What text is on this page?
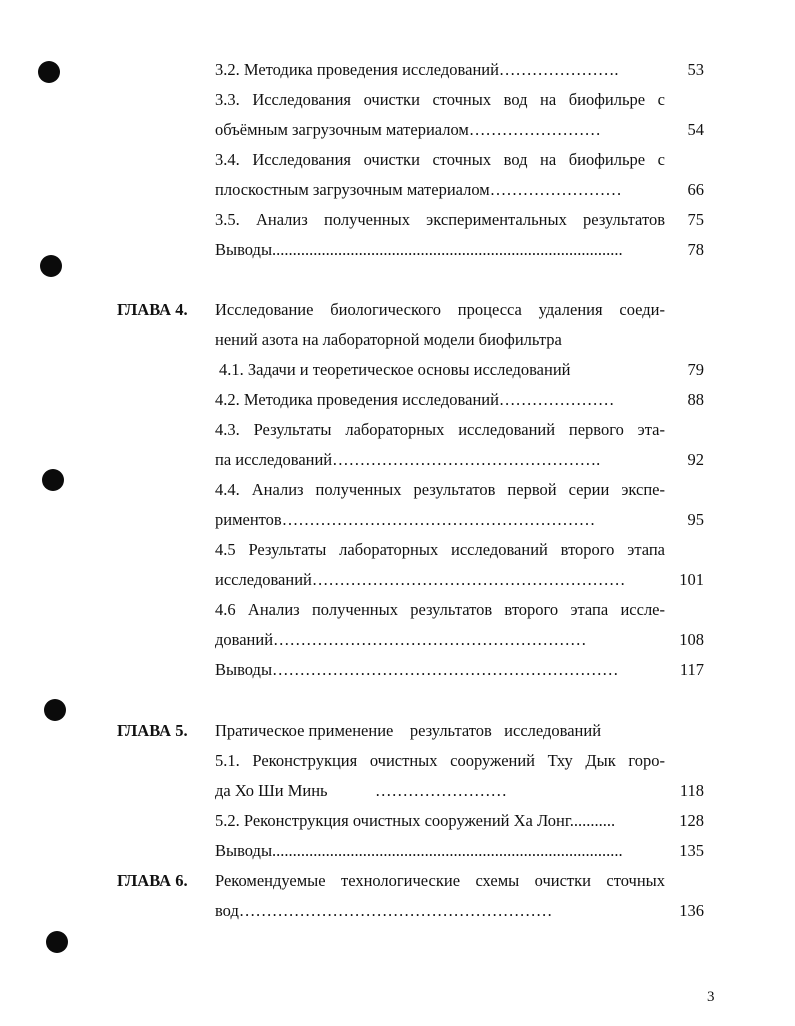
3.2. Методика проведения исследований………………….	53
3.3. Исследования очистки сточных вод на биофильре с
объёмным загрузочным материалом……………………	54
3.4. Исследования очистки сточных вод на биофильре с
плоскостным загрузочным материалом……………………	66
3.5. Анализ полученных экспериментальных результатов 75
Выводы.....................................................................................	78
ГЛАВА 4. Исследование биологического процесса удаления соеди-
нений азота на лабораторной модели биофильтра
4.1. Задачи и теоретическое основы исследований	79
4.2. Методика проведения исследований…………………	88
4.3. Результаты лабораторных исследований первого эта-
па исследований………………………………………….	92
4.4. Анализ полученных результатов первой серии экспе-
риментов…………………………………………………	95
4.5 Результаты лабораторных исследований второго этапа
исследований…………………………………………………	101
4.6 Анализ полученных результатов второго этапа иссле-
дований…………………………………………………	108
Выводы………………………………………………………	117
ГЛАВА 5. Пратическое применение    результатов   исследований
5.1. Реконструкция очистных сооружений Тху Дык горо-
да Хо Ши Минь	……………………	118
5.2. Реконструкция очистных сооружений Ха Лонг...........	128
Выводы.....................................................................................	135
ГЛАВА 6. Рекомендуемые технологические схемы очистки сточных
вод…………………………………………………	136
3
